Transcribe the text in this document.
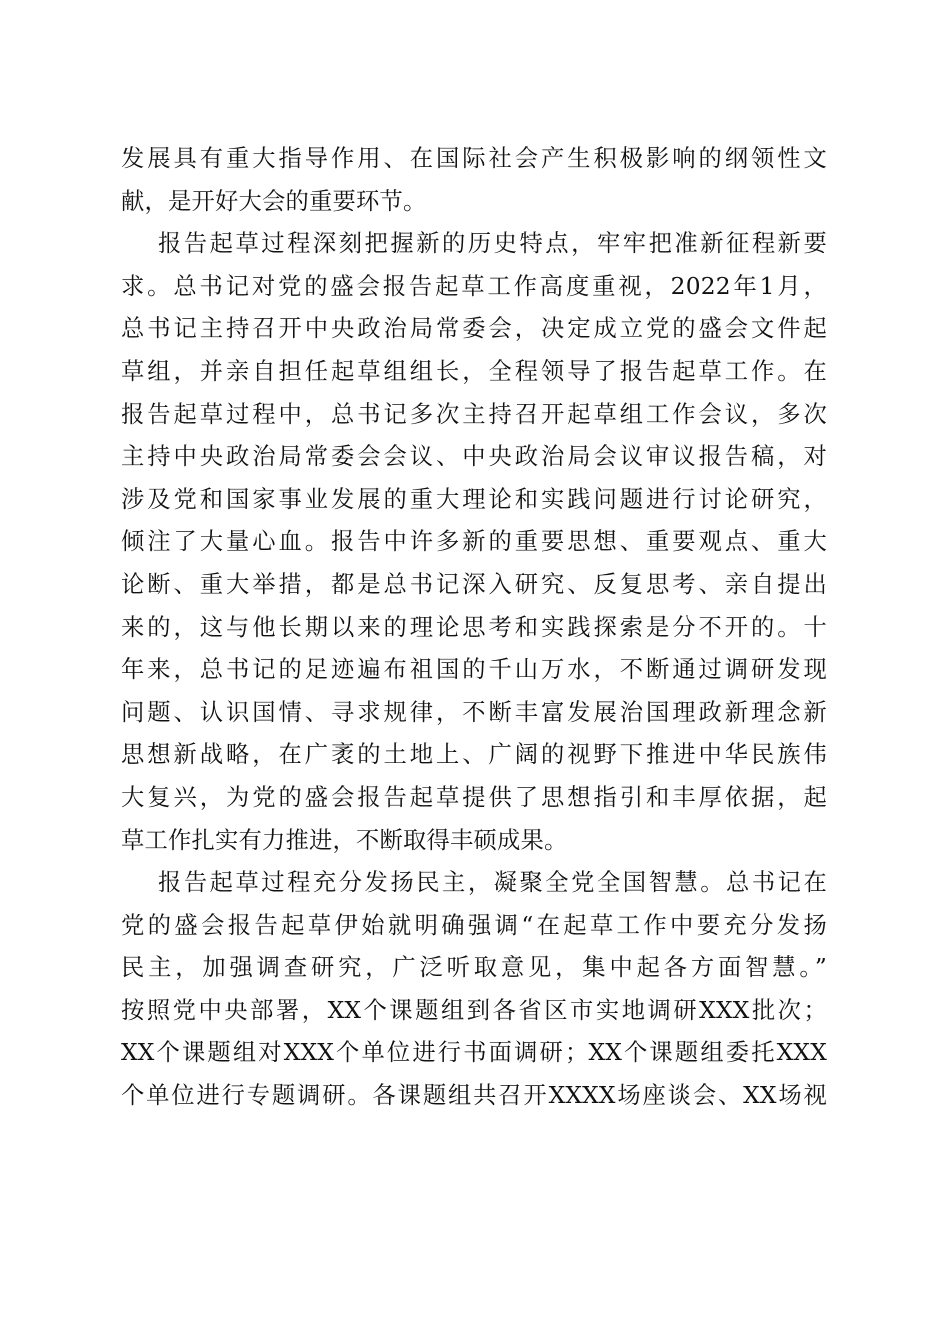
发展具有重大指导作用、在国际社会产生积极影响的纲领性文
献，是开好大会的重要环节。
报告起草过程深刻把握新的历史特点，牢牢把准新征程新要
求。总书记对党的盛会报告起草工作高度重视，2022年1月，
总书记主持召开中央政治局常委会，决定成立党的盛会文件起
草组，并亲自担任起草组组长，全程领导了报告起草工作。在
报告起草过程中，总书记多次主持召开起草组工作会议，多次
主持中央政治局常委会会议、中央政治局会议审议报告稿，对
涉及党和国家事业发展的重大理论和实践问题进行讨论研究，
倾注了大量心血。报告中许多新的重要思想、重要观点、重大
论断、重大举措，都是总书记深入研究、反复思考、亲自提出
来的，这与他长期以来的理论思考和实践探索是分不开的。十
年来，总书记的足迹遍布祖国的千山万水，不断通过调研发现
问题、认识国情、寻求规律，不断丰富发展治国理政新理念新
思想新战略，在广袤的土地上、广阔的视野下推进中华民族伟
大复兴，为党的盛会报告起草提供了思想指引和丰厚依据，起
草工作扎实有力推进，不断取得丰硕成果。
报告起草过程充分发扬民主，凝聚全党全国智慧。总书记在
党的盛会报告起草伊始就明确强调“在起草工作中要充分发扬
民主，加强调查研究，广泛听取意见，集中起各方面智慧。”
按照党中央部署，XX个课题组到各省区市实地调研XXX批次；
XX个课题组对XXX个单位进行书面调研；XX个课题组委托XXX
个单位进行专题调研。各课题组共召开XXXX场座谈会、XX场视
